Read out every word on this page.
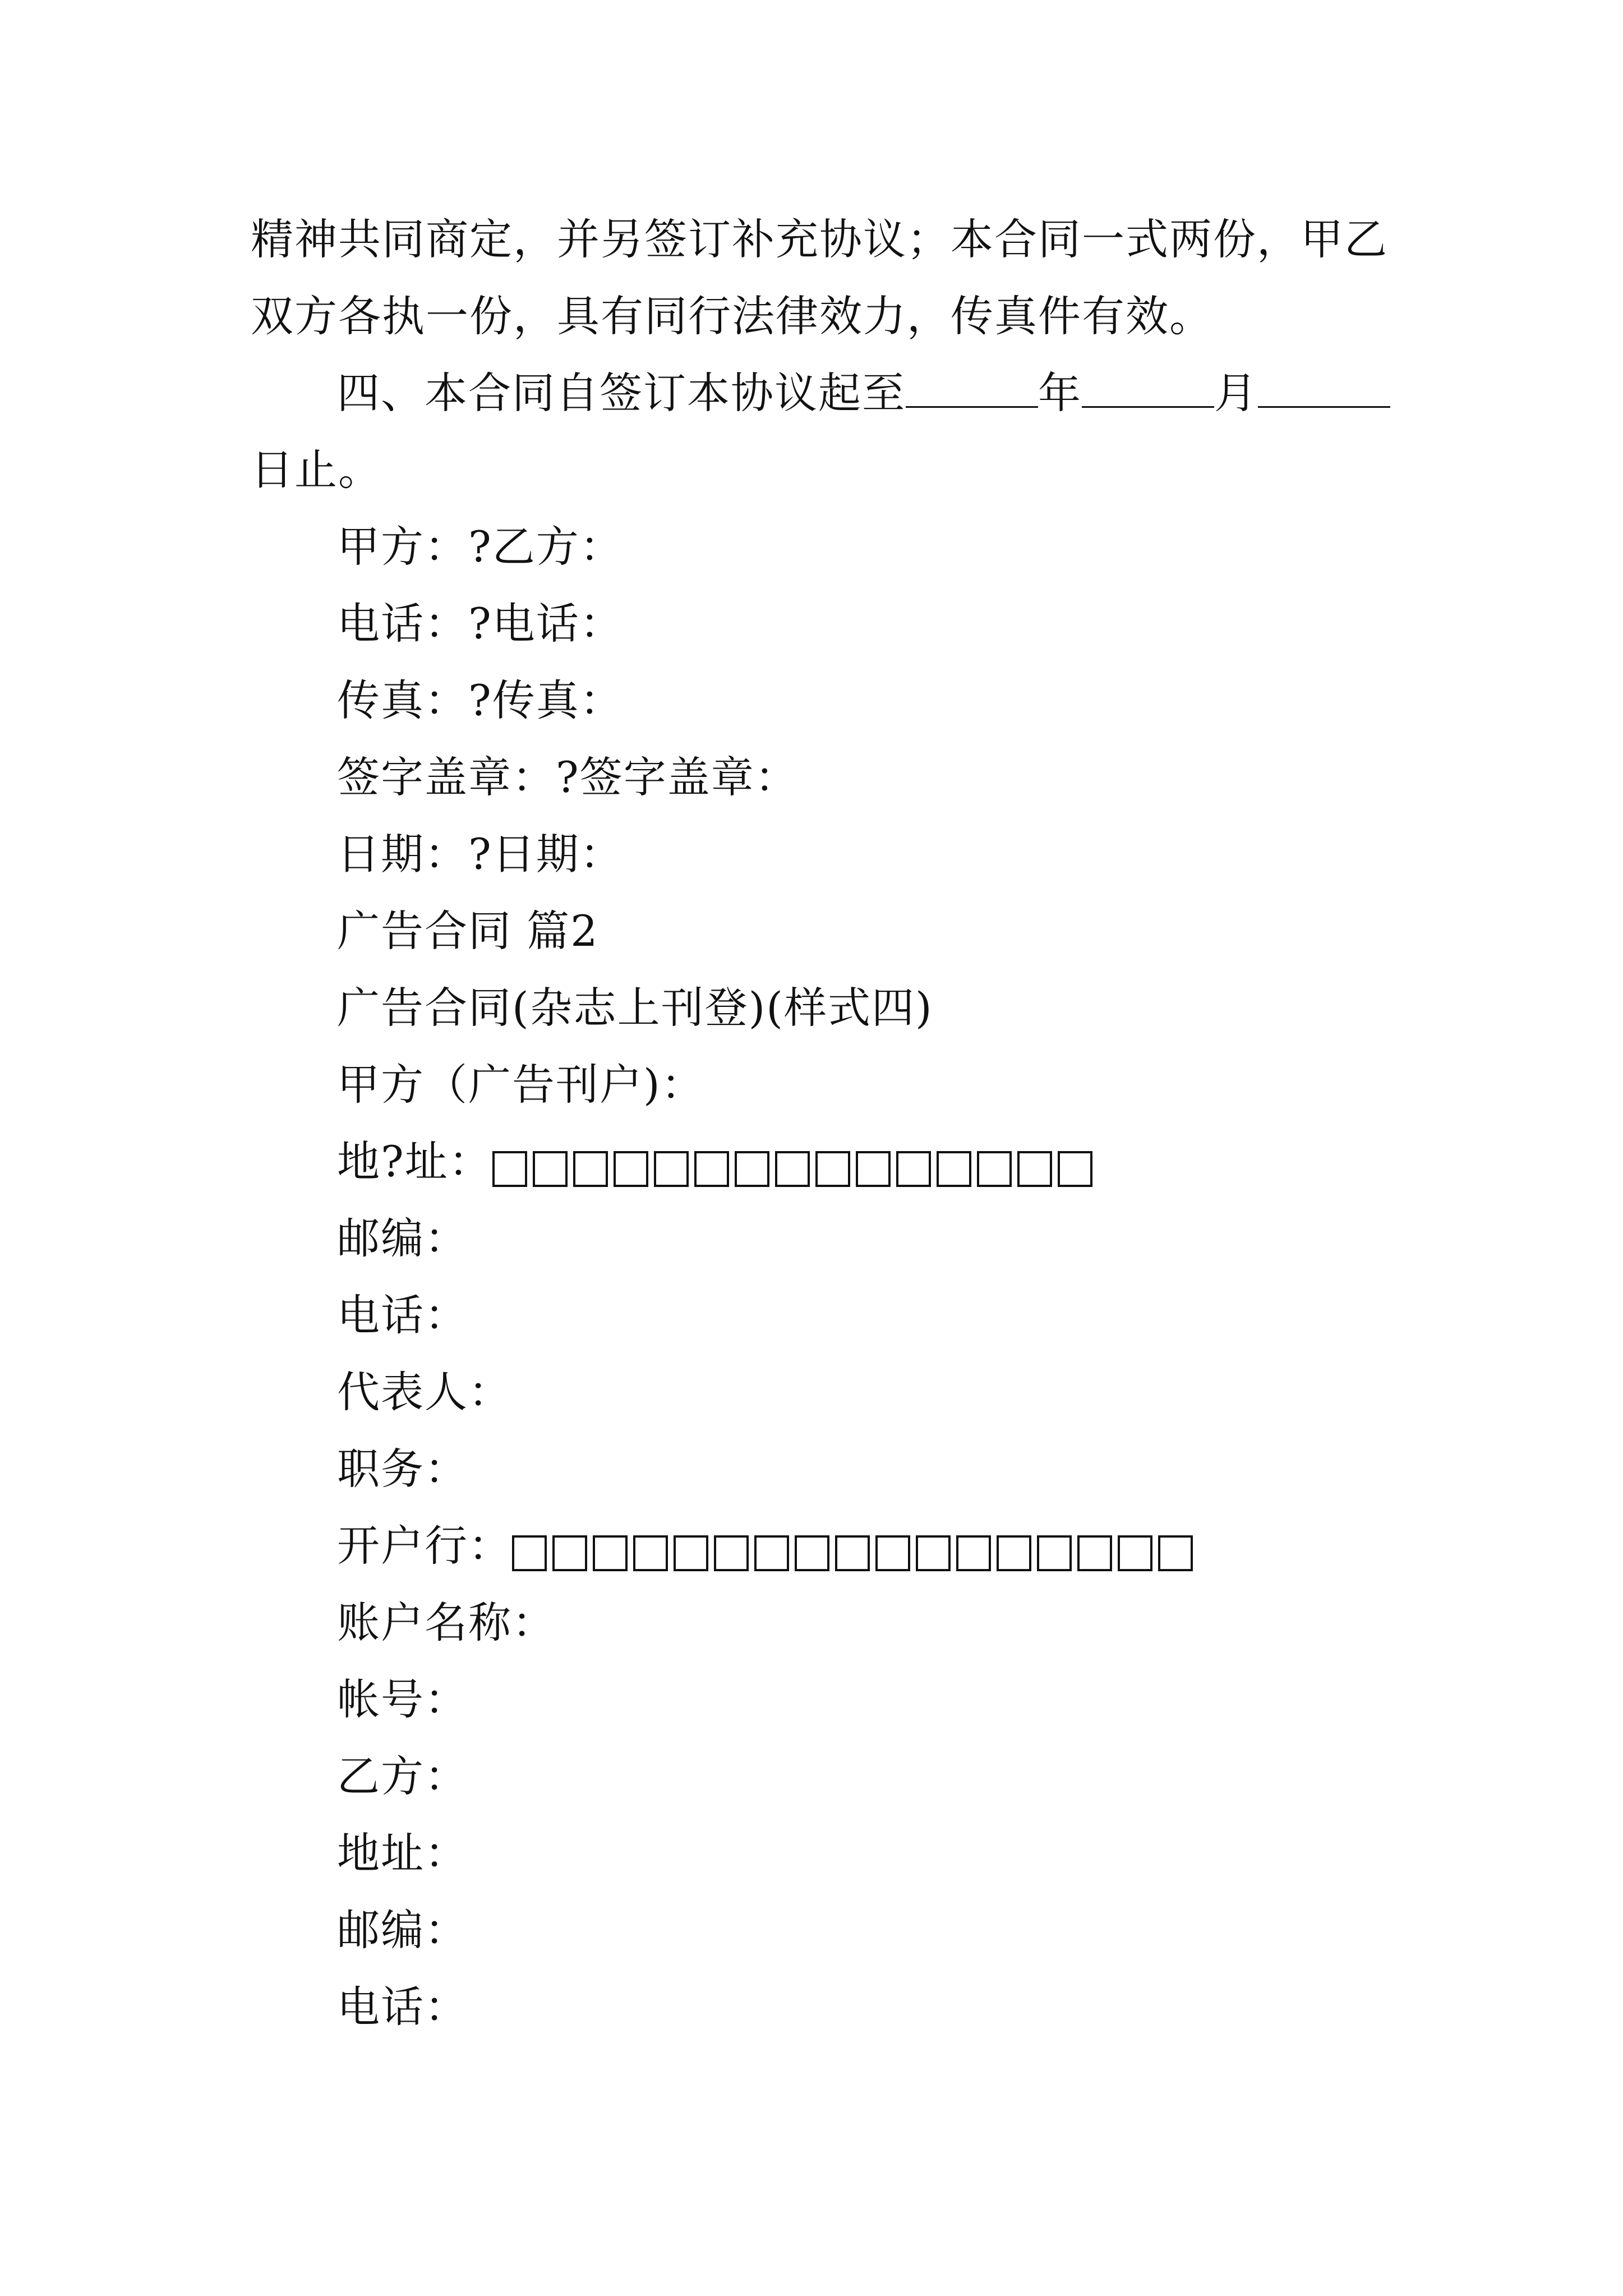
精神共同商定，并另签订补充协议；本合同一式两份，甲乙
双方各执一份，具有同行法律效力，传真件有效。
四、本合同自签订本协议起至	年	月
日止。
甲方：?乙方：
电话：?电话：
传真：?传真：
签字盖章：?签字盖章：
日期：?日期：
广告合同 篇2
广告合同(杂志上刊登)(样式四)
甲方（广告刊户)：
地?址：
邮编：
电话：
代表人：
职务：
开户行：
账户名称：
帐号：
乙方：
地址：
邮编：
电话：
